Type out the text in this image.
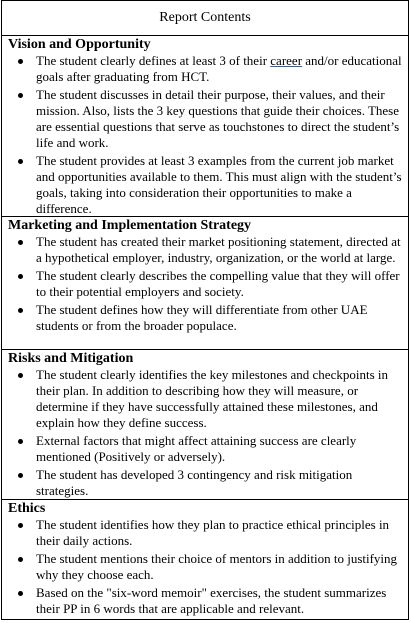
Report Contents

Vision and Opportunity

The student clearly defines at least 3 of their career and/or educational goals after graduating from HCT.
The student discusses in detail their purpose, their values, and their mission. Also, lists the 3 key questions that guide their choices. These are essential questions that serve as touchstones to direct the student’s life and work.
The student provides at least 3 examples from the current job market and opportunities available to them. This must align with the student’s goals, taking into consideration their opportunities to make a difference.

Marketing and Implementation Strategy

The student has created their market positioning statement, directed at a hypothetical employer, industry, organization, or the world at large.
The student clearly describes the compelling value that they will offer to their potential employers and society.
The student defines how they will differentiate from other UAE students or from the broader populace.

Risks and Mitigation

The student clearly identifies the key milestones and checkpoints in their plan. In addition to describing how they will measure, or determine if they have successfully attained these milestones, and explain how they define success.
External factors that might affect attaining success are clearly mentioned (Positively or adversely).
The student has developed 3 contingency and risk mitigation strategies.

Ethics

The student identifies how they plan to practice ethical principles in their daily actions.
The student mentions their choice of mentors in addition to justifying why they choose each.
Based on the "six-word memoir" exercises, the student summarizes their PP in 6 words that are applicable and relevant.
